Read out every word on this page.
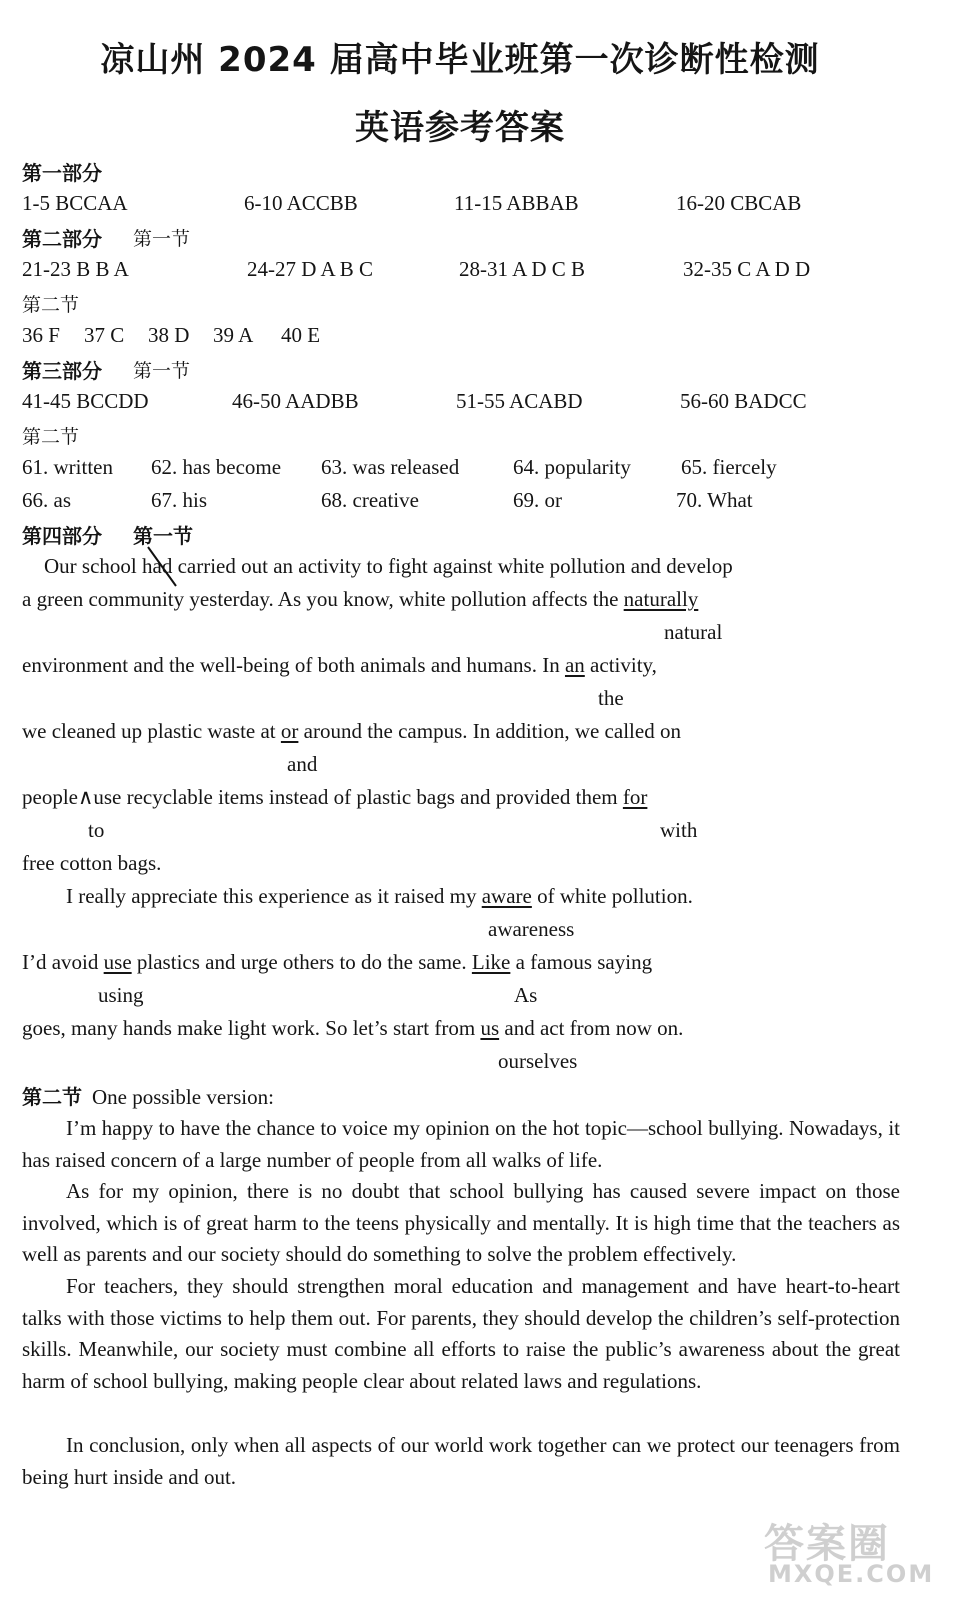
凉山州 2024 届高中毕业班第一次诊断性检测
英语参考答案
第一部分
1-5 BCCAA	6-10 ACCBB	11-15 ABBAB	16-20 CBCAB
第二部分 第一节
21-23 B B A	24-27 D A B C	28-31 A D C B	32-35 C A D D
第二节
36 F 37 C 38 D 39 A 40 E
第三部分 第一节
41-45 BCCDD	46-50 AADBB	51-55 ACABD	56-60 BADCC
第二节
61. written 62. has become 63. was released	64. popularity 65. fiercely
66. as	67. his	68. creative	69. or	70. What
第四部分 第一节
Our school had carried out an activity to fight against white pollution and develop
a green community yesterday. As you know, white pollution affects the naturally
natural
environment and the well-being of both animals and humans. In an activity,
the
we cleaned up plastic waste at or around the campus. In addition, we called on
and
people∧use recyclable items instead of plastic bags and provided them for
to	with
free cotton bags.
I really appreciate this experience as it raised my aware of white pollution.
awareness
I’d avoid use plastics and urge others to do the same. Like a famous saying
using	As
goes, many hands make light work. So let’s start from us and act from now on.
ourselves
第二节 One possible version:
I’m happy to have the chance to voice my opinion on the hot topic—school bullying. Nowadays, it has raised concern of a large number of people from all walks of life.
As for my opinion, there is no doubt that school bullying has caused severe impact on those involved, which is of great harm to the teens physically and mentally. It is high time that the teachers as well as parents and our society should do something to solve the problem effectively.
For teachers, they should strengthen moral education and management and have heart-to-heart talks with those victims to help them out. For parents, they should develop the children’s self-protection skills. Meanwhile, our society must combine all efforts to raise the public’s awareness about the great harm of school bullying, making people clear about related laws and regulations.
In conclusion, only when all aspects of our world work together can we protect our teenagers from being hurt inside and out.
答案圈
MXQE.COM
